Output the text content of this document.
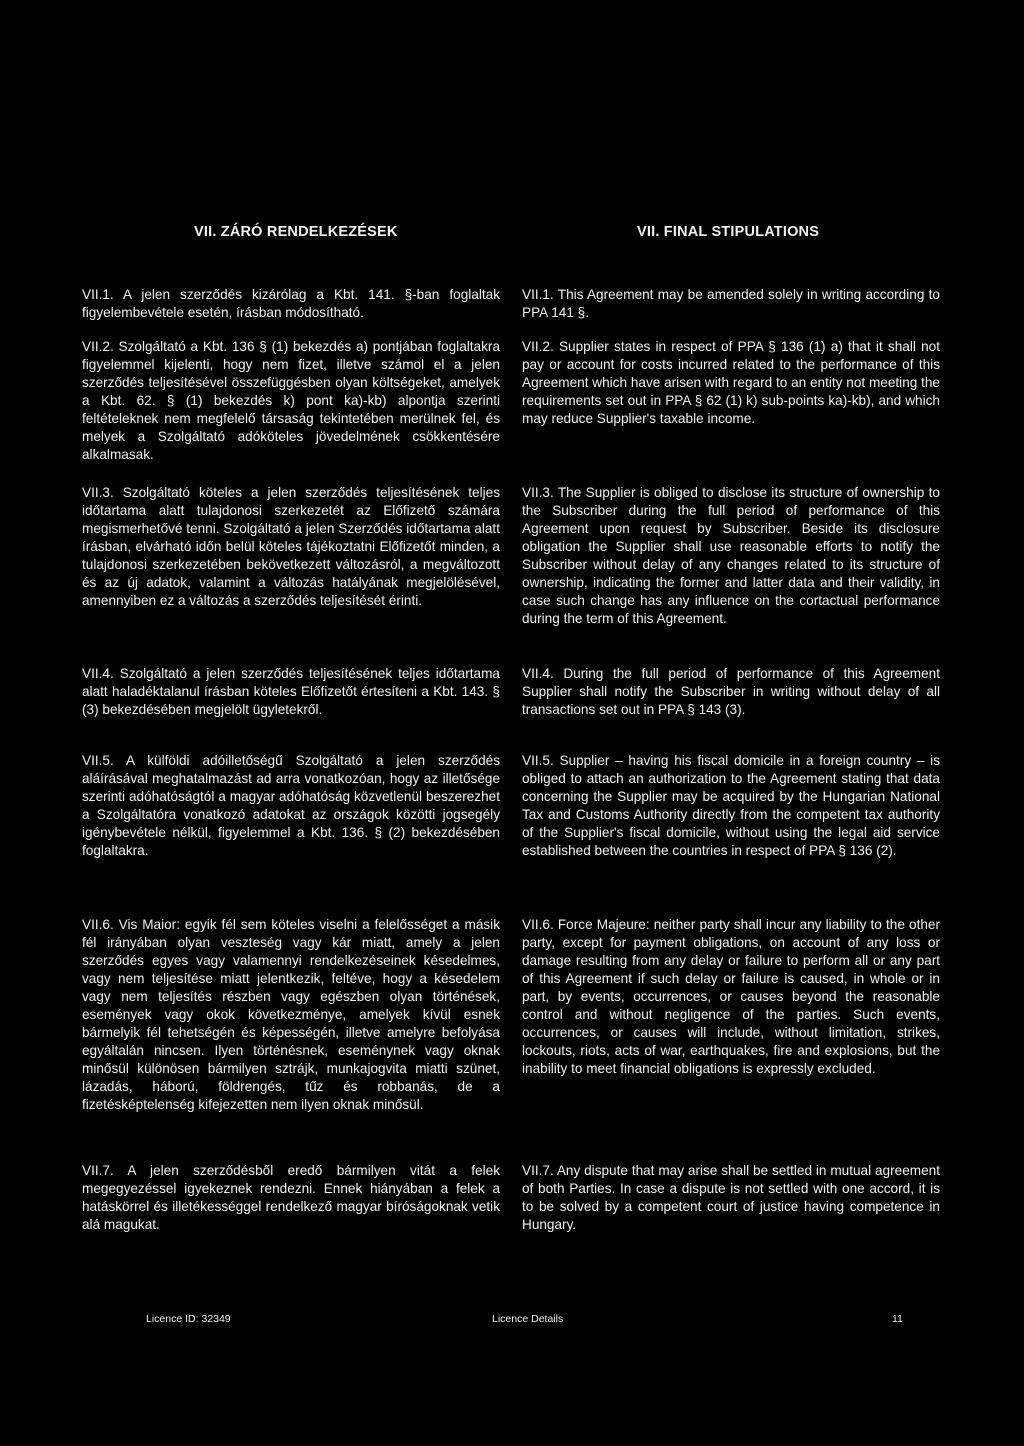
VII. ZÁRÓ RENDELKEZÉSEK	VII. FINAL STIPULATIONS

VII.1. A jelen szerződés kizárólag a Kbt. 141. §-ban foglaltak figyelembevétele esetén, írásban módosítható.

VII.2. Szolgáltató a Kbt. 136 § (1) bekezdés a) pontjában foglaltakra figyelemmel kijelenti, hogy nem fizet, illetve számol el a jelen szerződés teljesítésével összefüggésben olyan költségeket, amelyek a Kbt. 62. § (1) bekezdés k) pont ka)-kb) alpontja szerinti feltételeknek nem megfelelő társaság tekintetében merülnek fel, és melyek a Szolgáltató adóköteles jövedelmének csökkentésére alkalmasak.

VII.3. Szolgáltató köteles a jelen szerződés teljesítésének teljes időtartama alatt tulajdonosi szerkezetét az Előfizető számára megismerhetővé tenni. Szolgáltató a jelen Szerződés időtartama alatt írásban, elvárható időn belül köteles tájékoztatni Előfizetőt minden, a tulajdonosi szerkezetében bekövetkezett változásról, a megváltozott és az új adatok, valamint a változás hatályának megjelölésével, amennyiben ez a változás a szerződés teljesítését érinti.

VII.4. Szolgáltató a jelen szerződés teljesítésének teljes időtartama alatt haladéktalanul írásban köteles Előfizetőt értesíteni a Kbt. 143. § (3) bekezdésében megjelölt ügyletekről.

VII.5. A külföldi adóilletőségű Szolgáltató a jelen szerződés aláírásával meghatalmazást ad arra vonatkozóan, hogy az illetősége szerinti adóhatóságtól a magyar adóhatóság közvetlenül beszerezhet a Szolgáltatóra vonatkozó adatokat az országok közötti jogsegély igénybevétele nélkül, figyelemmel a Kbt. 136. § (2) bekezdésében foglaltakra.

VII.6. Vis Maior: egyik fél sem köteles viselni a felelősséget a másik fél irányában olyan veszteség vagy kár miatt, amely a jelen szerződés egyes vagy valamennyi rendelkezéseinek késedelmes, vagy nem teljesítése miatt jelentkezik, feltéve, hogy a késedelem vagy nem teljesítés részben vagy egészben olyan történések, események vagy okok következménye, amelyek kívül esnek bármelyik fél tehetségén és képességén, illetve amelyre befolyása egyáltalán nincsen. Ilyen történésnek, eseménynek vagy oknak minősül különösen bármilyen sztrájk, munkajogvita miatti szünet, lázadás, háború, földrengés, tűz és robbanás, de a fizetésképtelenség kifejezetten nem ilyen oknak minősül.

VII.7. A jelen szerződésből eredő bármilyen vitát a felek megegyezéssel igyekeznek rendezni. Ennek hiányában a felek a hatáskörrel és illetékességgel rendelkező magyar bíróságoknak vetik alá magukat.

VII.1. This Agreement may be amended solely in writing according to PPA 141 §.

VII.2. Supplier states in respect of PPA § 136 (1) a) that it shall not pay or account for costs incurred related to the performance of this Agreement which have arisen with regard to an entity not meeting the requirements set out in PPA § 62 (1) k) sub-points ka)-kb), and which may reduce Supplier's taxable income.

VII.3. The Supplier is obliged to disclose its structure of ownership to the Subscriber during the full period of performance of this Agreement upon request by Subscriber. Beside its disclosure obligation the Supplier shall use reasonable efforts to notify the Subscriber without delay of any changes related to its structure of ownership, indicating the former and latter data and their validity, in case such change has any influence on the cortactual performance during the term of this Agreement.

VII.4. During the full period of performance of this Agreement Supplier shall notify the Subscriber in writing without delay of all transactions set out in PPA § 143 (3).

VII.5. Supplier – having his fiscal domicile in a foreign country – is obliged to attach an authorization to the Agreement stating that data concerning the Supplier may be acquired by the Hungarian National Tax and Customs Authority directly from the competent tax authority of the Supplier's fiscal domicile, without using the legal aid service established between the countries in respect of PPA § 136 (2).

VII.6. Force Majeure: neither party shall incur any liability to the other party, except for payment obligations, on account of any loss or damage resulting from any delay or failure to perform all or any part of this Agreement if such delay or failure is caused, in whole or in part, by events, occurrences, or causes beyond the reasonable control and without negligence of the parties. Such events, occurrences, or causes will include, without limitation, strikes, lockouts, riots, acts of war, earthquakes, fire and explosions, but the inability to meet financial obligations is expressly excluded.

VII.7. Any dispute that may arise shall be settled in mutual agreement of both Parties. In case a dispute is not settled with one accord, it is to be solved by a competent court of justice having competence in Hungary.

Licence ID: 32349	Licence Details	11
